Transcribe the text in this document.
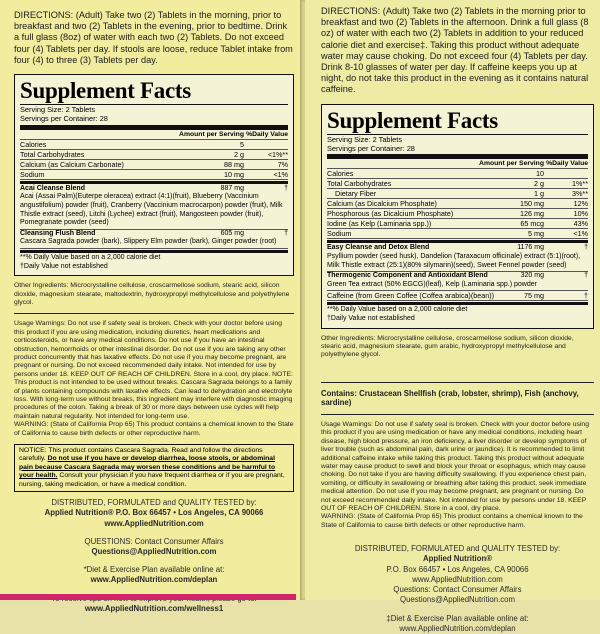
DIRECTIONS: (Adult) Take two (2) Tablets in the morning, prior to breakfast and two (2) Tablets in the evening, prior to bedtime. Drink a full glass (8oz) of water with each two (2) Tablets. Do not exceed four (4) Tablets per day. If stools are loose, reduce Tablet intake from four (4) to three (3) Tablets per day.

Supplement Facts
Serving Size: 2 Tablets
Servings per Container: 28
Amount per Serving %Daily Value
Calories	5
Total Carbohydrates	2 g	<1%**
Calcium (as Calcium Carbonate)	88 mg	7%
Sodium	10 mg	<1%
Acai Cleanse Blend	887 mg	†
Acai (Assai Palm)(Euterpe oleracea) extract (4:1)(fruit), Blueberry (Vaccinium angustifolium) powder (fruit), Cranberry (Vaccinium macrocarpon) powder (fruit), Milk Thistle extract (seed), Litchi (Lychee) extract (fruit), Mangosteen powder (fruit), Pomegranate powder (seed)
Cleansing Flush Blend	605 mg	†
Cascara Sagrada powder (bark), Slippery Elm powder (bark), Ginger powder (root)
**% Daily Value based on a 2,000 calorie diet
†Daily Value not established

Other Ingredients: Microcrystalline cellulose, croscarmellose sodium, stearic acid, silicon dioxide, magnesium stearate, maltodextrin, hydroxypropyl methylcellulose and polyethylene glycol.

Usage Warnings: Do not use if safety seal is broken. Check with your doctor before using this product if you are using medication, including diuretics, heart medications and corticosteroids, or have any medical conditions. Do not use if you have an intestinal obstruction, hemorrhoids or other intestinal disorder. Do not use if you are taking any other product concurrently that has laxative effects. Do not use if you may become pregnant, are pregnant or nursing. Do not exceed recommended daily intake. Not intended for use by persons under 18. KEEP OUT OF REACH OF CHILDREN. Store in a cool, dry place. NOTE: This product is not intended to be used without breaks. Cascara Sagrada belongs to a family of plants containing compounds with laxative effects. Can lead to dehydration and electrolyte loss. With long-term use without breaks, this ingredient may interfere with diagnostic imaging procedures of the colon. Taking a break of 30 or more days between use cycles will help maintain natural regularity. Not intended for long-term use.

WARNING: (State of California Prop 65) This product contains a chemical known to the State of California to cause birth defects or other reproductive harm.

NOTICE: This product contains Cascara Sagrada. Read and follow the directions carefully. Do not use if you have or develop diarrhea, loose stools, or abdominal pain because Cascara Sagrada may worsen these conditions and be harmful to your health. Consult your physician if you have frequent diarrhea or if you are pregnant, nursing, taking medication, or have a medical condition.
DISTRIBUTED, FORMULATED and QUALITY TESTED by:
Applied Nutrition® P.O. Box 66457 • Los Angeles, CA 90066
www.AppliedNutrition.com
QUESTIONS: Contact Consumer Affairs
Questions@AppliedNutrition.com
*Diet & Exercise Plan available online at:
www.AppliedNutrition.com/deplan
www.AppliedNutrition.com/wellness1

DIRECTIONS: (Adult) Take two (2) Tablets in the morning prior to breakfast and two (2) Tablets in the afternoon. Drink a full glass (8 oz) of water with each two (2) Tablets in addition to your reduced calorie diet and exercise‡. Taking this product without adequate water may cause choking. Do not exceed four (4) Tablets per day. Drink 8-10 glasses of water per day. If caffeine keeps you up at night, do not take this product in the evening as it contains natural caffeine.

Supplement Facts
Serving Size: 2 Tablets
Servings per Container: 28
Amount per Serving %Daily Value
Calories	10
Total Carbohydrates	2 g	1%**
Dietary Fiber	1 g	3%**
Calcium (as Dicalcium Phosphate)	150 mg	12%
Phosphorous (as Dicalcium Phosphate)	126 mg	10%
Iodine (as Kelp (Laminaria spp.))	65 mcg	43%
Sodium	5 mg	<1%
Easy Cleanse and Detox Blend	1176 mg	†
Psyllium powder (seed husk), Dandelion (Taraxacum officinale) extract (5:1)(root), Milk Thistle extract (25:1)(80% silymarin)(seed), Sweet Fennel powder (seed)
Thermogenic Component and Antioxidant Blend	320 mg	†
Green Tea extract (50% EGCG)(leaf), Kelp (Laminaria spp.) powder
Caffeine (from Green Coffee (Coffea arabica)(bean))	75 mg	†
**% Daily Value based on a 2,000 calorie diet
†Daily Value not established

Other Ingredients: Microcrystalline cellulose, croscarmellose sodium, silicon dioxide, stearic acid, magnesium stearate, gum arabic, hydroxypropyl methylcellulose and polyethylene glycol.

Contains: Crustacean Shellfish (crab, lobster, shrimp), Fish (anchovy, sardine)

Usage Warnings: Do not use if safety seal is broken. Check with your doctor before using this product if you are using medication or have any medical conditions, including heart disease, high blood pressure, an iron deficiency, a liver disorder or develop symptoms of liver trouble (such as abdominal pain, dark urine or jaundice). It is recommended to limit additional caffeine intake while taking this product. Taking this product without adequate water may cause product to swell and block your throat or esophagus, which may cause choking. Do not take if you are having difficulty swallowing. If you experience chest pain, vomiting, or difficulty in swallowing or breathing after taking this product, seek immediate medical attention. Do not use if you may become pregnant, are pregnant or nursing. Do not exceed recommended daily intake. Not intended for use by persons under 18. KEEP OUT OF REACH OF CHILDREN. Store in a cool, dry place.

WARNING: (State of California Prop 65) This product contains a chemical known to the State of California to cause birth defects or other reproductive harm.

DISTRIBUTED, FORMULATED and QUALITY TESTED by:
Applied Nutrition®
P.O. Box 66457 • Los Angeles, CA 90066
www.AppliedNutrition.com
Questions: Contact Consumer Affairs
Questions@AppliedNutrition.com
‡Diet & Exercise Plan available online at:
www.AppliedNutrition.com/deplan
